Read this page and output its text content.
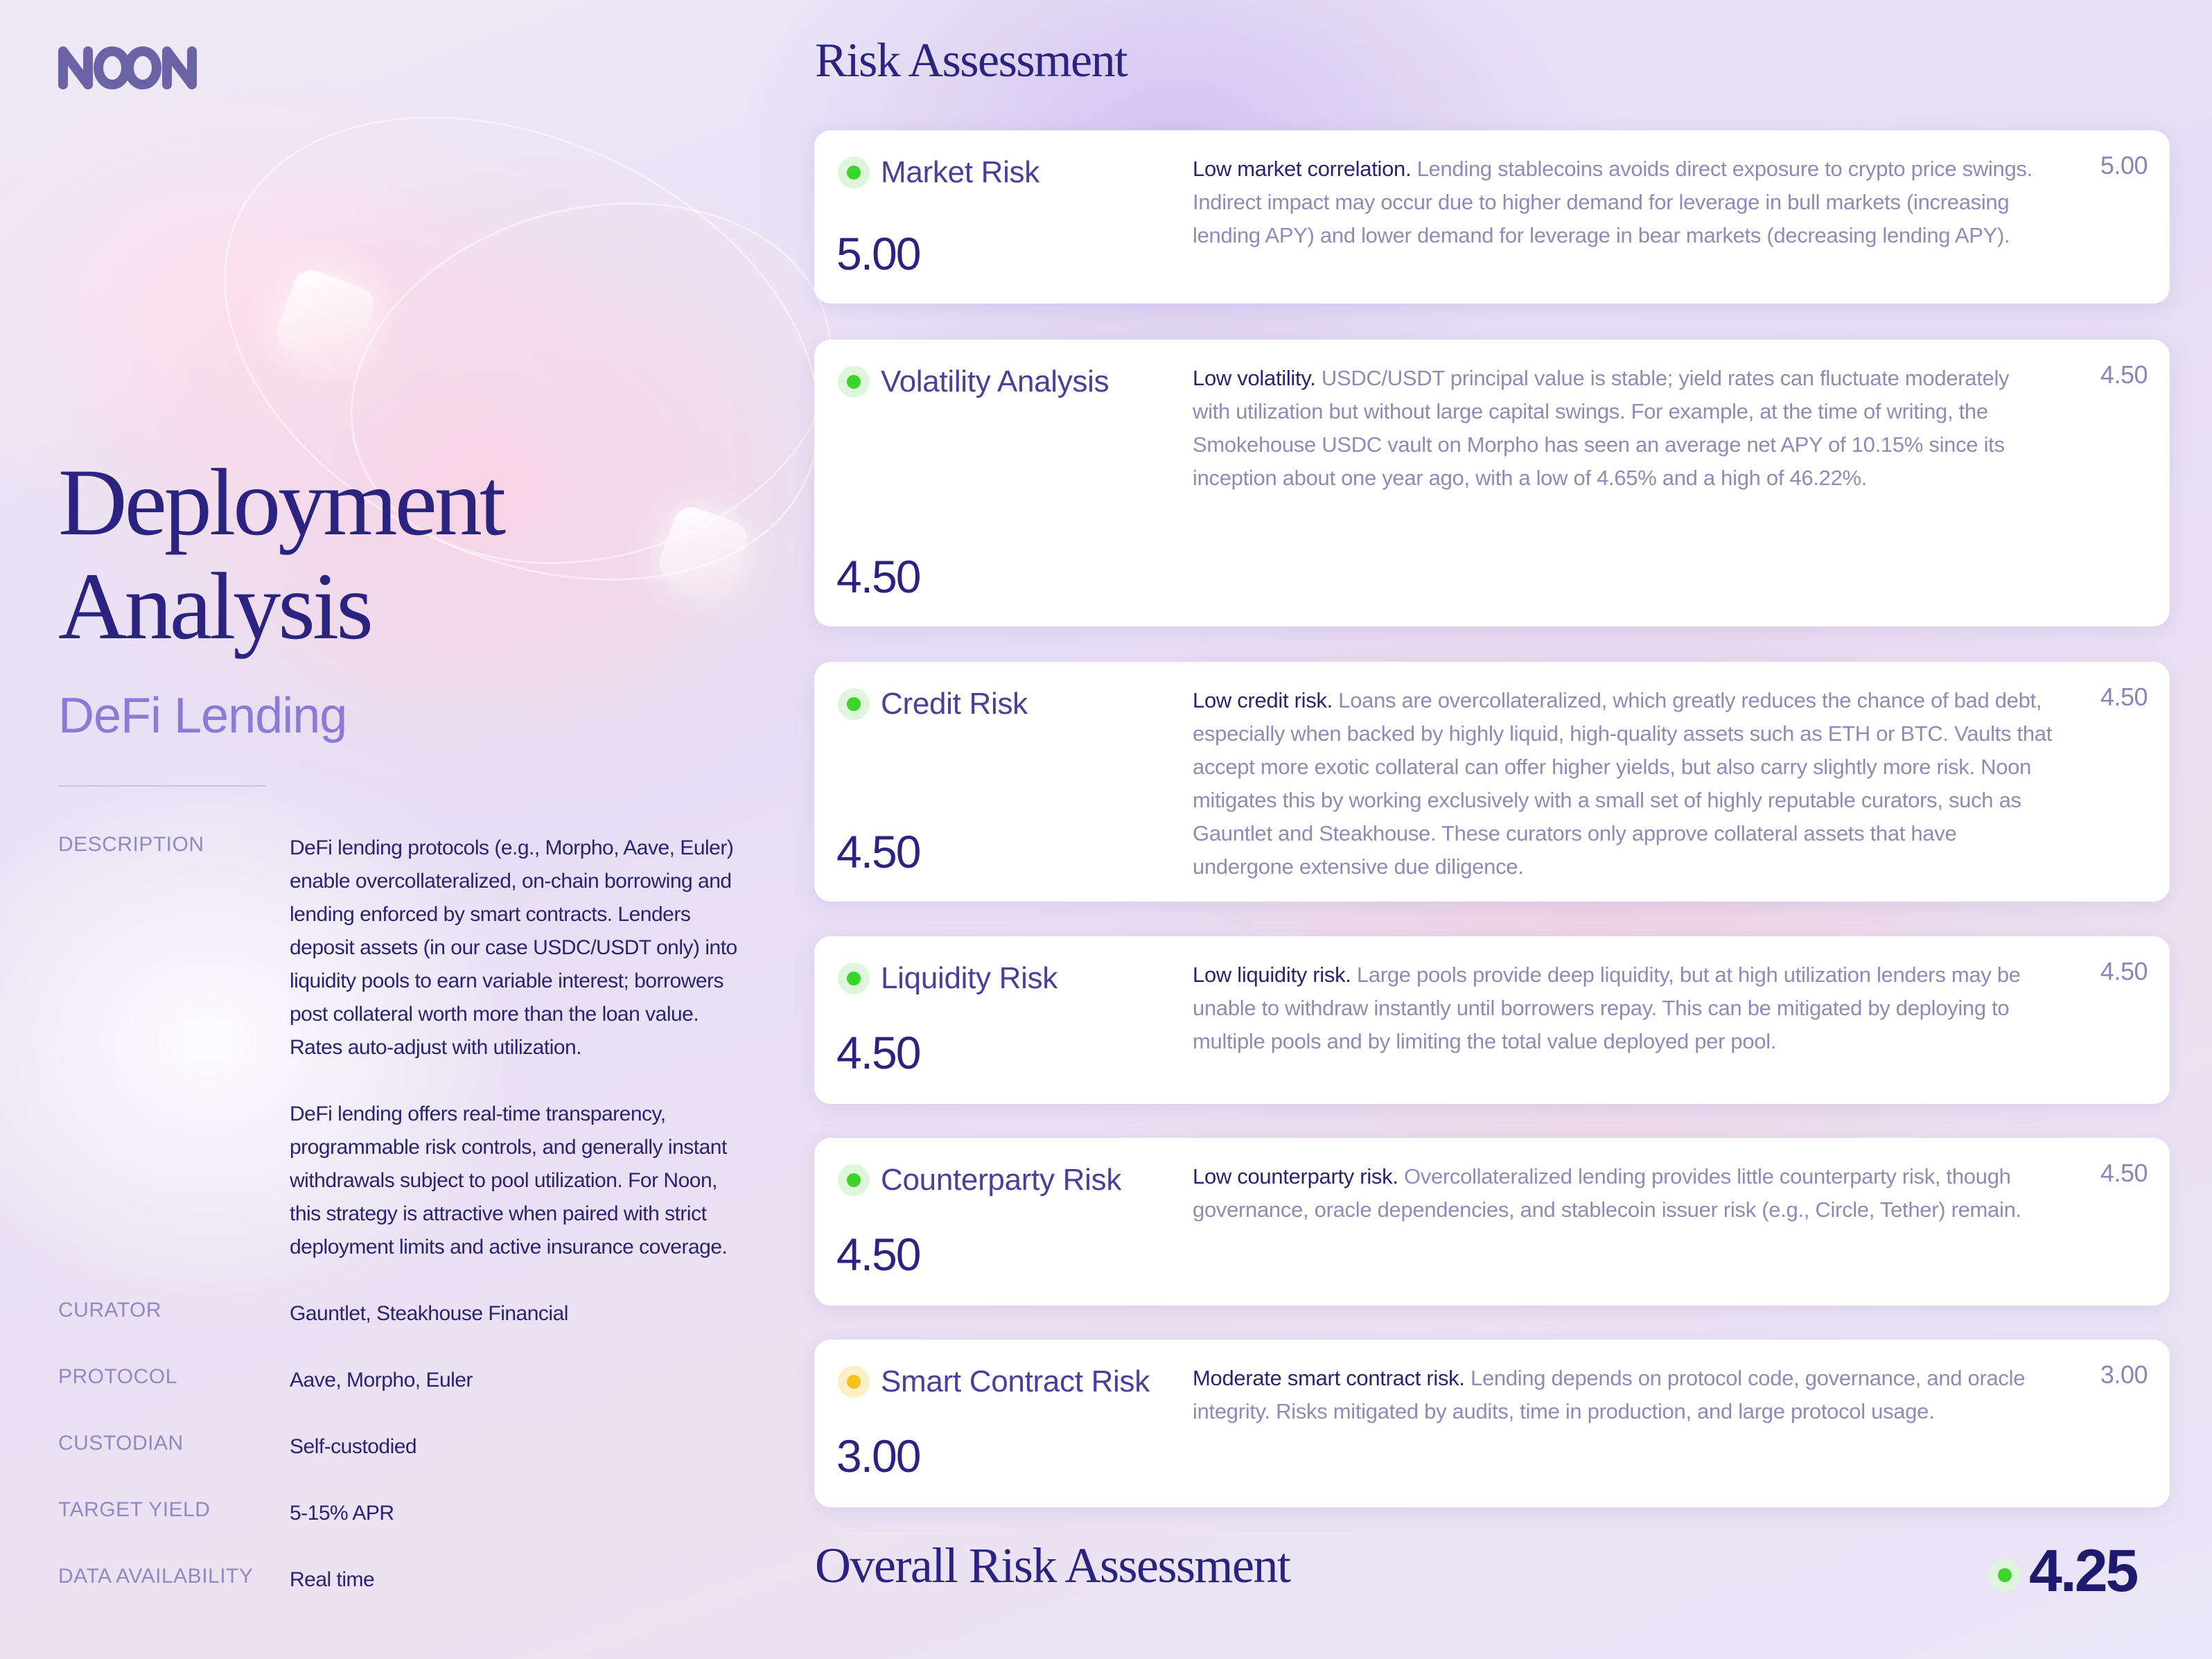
Deployment
Analysis
DeFi Lending
DESCRIPTION	DeFi lending protocols (e.g., Morpho, Aave, Euler) enable overcollateralized, on-chain borrowing and lending enforced by smart contracts. Lenders deposit assets (in our case USDC/USDT only) into liquidity pools to earn variable interest; borrowers post collateral worth more than the loan value. Rates auto-adjust with utilization.

DeFi lending offers real-time transparency, programmable risk controls, and generally instant withdrawals subject to pool utilization. For Noon, this strategy is attractive when paired with strict deployment limits and active insurance coverage.

CURATOR	Gauntlet, Steakhouse Financial
PROTOCOL	Aave, Morpho, Euler
CUSTODIAN	Self-custodied
TARGET YIELD	5-15% APR
DATA AVAILABILITY	Real time
Risk Assessment
Market Risk
5.00
Low market correlation. Lending stablecoins avoids direct exposure to crypto price swings. Indirect impact may occur due to higher demand for leverage in bull markets (increasing lending APY) and lower demand for leverage in bear markets (decreasing lending APY).
5.00
Volatility Analysis
4.50
Low volatility. USDC/USDT principal value is stable; yield rates can fluctuate moderately with utilization but without large capital swings. For example, at the time of writing, the Smokehouse USDC vault on Morpho has seen an average net APY of 10.15% since its inception about one year ago, with a low of 4.65% and a high of 46.22%.
4.50
Credit Risk
4.50
Low credit risk. Loans are overcollateralized, which greatly reduces the chance of bad debt, especially when backed by highly liquid, high-quality assets such as ETH or BTC. Vaults that accept more exotic collateral can offer higher yields, but also carry slightly more risk. Noon mitigates this by working exclusively with a small set of highly reputable curators, such as Gauntlet and Steakhouse. These curators only approve collateral assets that have undergone extensive due diligence.
4.50
Liquidity Risk
4.50
Low liquidity risk. Large pools provide deep liquidity, but at high utilization lenders may be unable to withdraw instantly until borrowers repay. This can be mitigated by deploying to multiple pools and by limiting the total value deployed per pool.
4.50
Counterparty Risk
4.50
Low counterparty risk. Overcollateralized lending provides little counterparty risk, though governance, oracle dependencies, and stablecoin issuer risk (e.g., Circle, Tether) remain.
4.50
Smart Contract Risk
3.00
Moderate smart contract risk. Lending depends on protocol code, governance, and oracle integrity. Risks mitigated by audits, time in production, and large protocol usage.
3.00
Overall Risk Assessment	4.25
